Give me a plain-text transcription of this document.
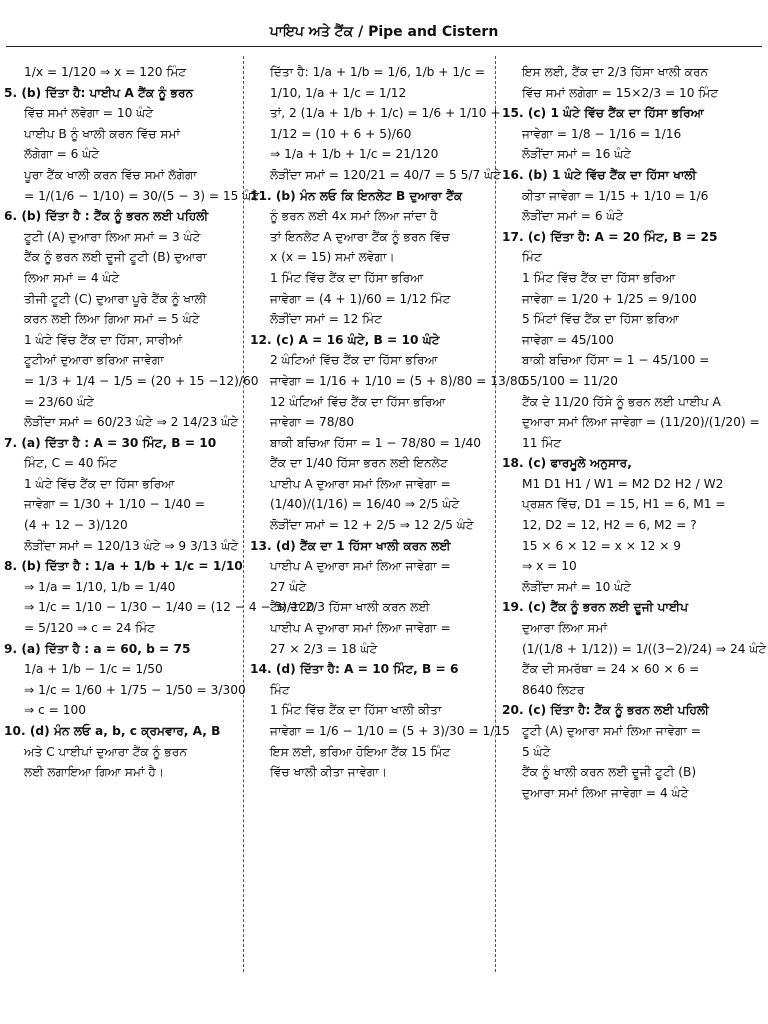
ਪਾਇਪ ਅਤੇ ਟੈਂਕ / Pipe and Cistern
1/x = 1/120 ⇒ x = 120 ਮਿੰਟ
5. (b) ਦਿੱਤਾ ਹੈ: ਪਾਈਪ A ਟੈਂਕ ਨੂੰ ਭਰਨ
ਵਿੱਚ ਸਮਾਂ ਲਵੇਗਾ = 10 ਘੰਟੇ
ਪਾਈਪ B ਨੂੰ ਖਾਲੀ ਕਰਨ ਵਿੱਚ ਸਮਾਂ
ਲੱਗੇਗਾ = 6 ਘੰਟੇ
ਪੂਰਾ ਟੈਂਕ ਖਾਲੀ ਕਰਨ ਵਿੱਚ ਸਮਾਂ ਲੱਗੇਗਾ
= 1/(1/6 − 1/10) = 30/(5 − 3) = 15 ਘੰਟੇ
6. (b) ਦਿੱਤਾ ਹੈ : ਟੈਂਕ ਨੂੰ ਭਰਨ ਲਈ ਪਹਿਲੀ
ਟੂਟੀ (A) ਦੁਆਰਾ ਲਿਆ ਸਮਾਂ = 3 ਘੰਟੇ
ਟੈਂਕ ਨੂੰ ਭਰਨ ਲਈ ਦੂਜੀ ਟੂਟੀ (B) ਦੁਆਰਾ
ਲਿਆ ਸਮਾਂ = 4 ਘੰਟੇ
ਤੀਜੀ ਟੂਟੀ (C) ਦੁਆਰਾ ਪੂਰੇ ਟੈਂਕ ਨੂੰ ਖਾਲੀ
ਕਰਨ ਲਈ ਲਿਆ ਗਿਆ ਸਮਾਂ = 5 ਘੰਟੇ
1 ਘੰਟੇ ਵਿੱਚ ਟੈਂਕ ਦਾ ਹਿੱਸਾ, ਸਾਰੀਆਂ
ਟੂਟੀਆਂ ਦੁਆਰਾ ਭਰਿਆ ਜਾਵੇਗਾ
= 1/3 + 1/4 − 1/5 = (20 + 15 −12)/60
= 23/60 ਘੰਟੇ
ਲੋੜੀਂਦਾ ਸਮਾਂ = 60/23 ਘੰਟੇ ⇒ 2 14/23 ਘੰਟੇ
7. (a) ਦਿੱਤਾ ਹੈ : A = 30 ਮਿੰਟ, B = 10
ਮਿੰਟ, C = 40 ਮਿੰਟ
1 ਘੰਟੇ ਵਿੱਚ ਟੈਂਕ ਦਾ ਹਿੱਸਾ ਭਰਿਆ
ਜਾਵੇਗਾ = 1/30 + 1/10 − 1/40 =
(4 + 12 − 3)/120
ਲੋੜੀਂਦਾ ਸਮਾਂ = 120/13 ਘੰਟੇ ⇒ 9 3/13 ਘੰਟੇ
8. (b) ਦਿੱਤਾ ਹੈ : 1/a + 1/b + 1/c = 1/10
⇒ 1/a = 1/10, 1/b = 1/40
⇒ 1/c = 1/10 − 1/30 − 1/40 = (12 − 4 − 3)/120
= 5/120 ⇒ c = 24 ਮਿੰਟ
9. (a) ਦਿੱਤਾ ਹੈ : a = 60, b = 75
1/a + 1/b − 1/c = 1/50
⇒ 1/c = 1/60 + 1/75 − 1/50 = 3/300
⇒ c = 100
10. (d) ਮੰਨ ਲਓ a, b, c ਕ੍ਰਮਵਾਰ, A, B
ਅਤੇ C ਪਾਈਪਾਂ ਦੁਆਰਾ ਟੈਂਕ ਨੂੰ ਭਰਨ
ਲਈ ਲਗਾਇਆ ਗਿਆ ਸਮਾਂ ਹੈ।
ਦਿੱਤਾ ਹੈ: 1/a + 1/b = 1/6, 1/b + 1/c =
1/10, 1/a + 1/c = 1/12
ਤਾਂ, 2 (1/a + 1/b + 1/c) = 1/6 + 1/10 +
1/12 = (10 + 6 + 5)/60
⇒ 1/a + 1/b + 1/c = 21/120
ਲੋੜੀਂਦਾ ਸਮਾਂ = 120/21 = 40/7 = 5 5/7 ਘੰਟੇ
11. (b) ਮੰਨ ਲਓ ਕਿ ਇਨਲੇਟ B ਦੁਆਰਾ ਟੈਂਕ
ਨੂੰ ਭਰਨ ਲਈ 4x ਸਮਾਂ ਲਿਆ ਜਾਂਦਾ ਹੈ
ਤਾਂ ਇਨਲੇਟ A ਦੁਆਰਾ ਟੈਂਕ ਨੂੰ ਭਰਨ ਵਿੱਚ
x (x = 15) ਸਮਾਂ ਲਵੇਗਾ।
1 ਮਿੰਟ ਵਿੱਚ ਟੈਂਕ ਦਾ ਹਿੱਸਾ ਭਰਿਆ
ਜਾਵੇਗਾ = (4 + 1)/60 = 1/12 ਮਿੰਟ
ਲੋੜੀਂਦਾ ਸਮਾਂ = 12 ਮਿੰਟ
12. (c) A = 16 ਘੰਟੇ, B = 10 ਘੰਟੇ
2 ਘੰਟਿਆਂ ਵਿੱਚ ਟੈਂਕ ਦਾ ਹਿੱਸਾ ਭਰਿਆ
ਜਾਵੇਗਾ = 1/16 + 1/10 = (5 + 8)/80 = 13/80
12 ਘੰਟਿਆਂ ਵਿੱਚ ਟੈਂਕ ਦਾ ਹਿੱਸਾ ਭਰਿਆ
ਜਾਵੇਗਾ = 78/80
ਬਾਕੀ ਬਚਿਆ ਹਿੱਸਾ = 1 − 78/80 = 1/40
ਟੈਂਕ ਦਾ 1/40 ਹਿੱਸਾ ਭਰਨ ਲਈ ਇਨਲੇਟ
ਪਾਈਪ A ਦੁਆਰਾ ਸਮਾਂ ਲਿਆ ਜਾਵੇਗਾ =
(1/40)/(1/16) = 16/40 ⇒ 2/5 ਘੰਟੇ
ਲੋੜੀਂਦਾ ਸਮਾਂ = 12 + 2/5 ⇒ 12 2/5 ਘੰਟੇ
13. (d) ਟੈਂਕ ਦਾ 1 ਹਿੱਸਾ ਖਾਲੀ ਕਰਨ ਲਈ
ਪਾਈਪ A ਦੁਆਰਾ ਸਮਾਂ ਲਿਆ ਜਾਵੇਗਾ =
27 ਘੰਟੇ
ਟੈਂਕ ਦਾ 2/3 ਹਿੱਸਾ ਖਾਲੀ ਕਰਨ ਲਈ
ਪਾਈਪ A ਦੁਆਰਾ ਸਮਾਂ ਲਿਆ ਜਾਵੇਗਾ =
27 × 2/3 = 18 ਘੰਟੇ
14. (d) ਦਿੱਤਾ ਹੈ: A = 10 ਮਿੰਟ, B = 6
ਮਿੰਟ
1 ਮਿੰਟ ਵਿੱਚ ਟੈਂਕ ਦਾ ਹਿੱਸਾ ਖਾਲੀ ਕੀਤਾ
ਜਾਵੇਗਾ = 1/6 − 1/10 = (5 + 3)/30 = 1/15
ਇਸ ਲਈ, ਭਰਿਆ ਹੋਇਆ ਟੈਂਕ 15 ਮਿੰਟ
ਵਿੱਚ ਖਾਲੀ ਕੀਤਾ ਜਾਵੇਗਾ।
ਇਸ ਲਈ, ਟੈਂਕ ਦਾ 2/3 ਹਿੱਸਾ ਖਾਲੀ ਕਰਨ
ਵਿੱਚ ਸਮਾਂ ਲਗੇਗਾ = 15×2/3 = 10 ਮਿੰਟ
15. (c) 1 ਘੰਟੇ ਵਿੱਚ ਟੈਂਕ ਦਾ ਹਿੱਸਾ ਭਰਿਆ
ਜਾਵੇਗਾ = 1/8 − 1/16 = 1/16
ਲੋੜੀਂਦਾ ਸਮਾਂ = 16 ਘੰਟੇ
16. (b) 1 ਘੰਟੇ ਵਿੱਚ ਟੈਂਕ ਦਾ ਹਿੱਸਾ ਖਾਲੀ
ਕੀਤਾ ਜਾਵੇਗਾ = 1/15 + 1/10 = 1/6
ਲੋੜੀਂਦਾ ਸਮਾਂ = 6 ਘੰਟੇ
17. (c) ਦਿੱਤਾ ਹੈ: A = 20 ਮਿੰਟ, B = 25
ਮਿੰਟ
1 ਮਿੰਟ ਵਿੱਚ ਟੈਂਕ ਦਾ ਹਿੱਸਾ ਭਰਿਆ
ਜਾਵੇਗਾ = 1/20 + 1/25 = 9/100
5 ਮਿੰਟਾਂ ਵਿੱਚ ਟੈਂਕ ਦਾ ਹਿੱਸਾ ਭਰਿਆ
ਜਾਵੇਗਾ = 45/100
ਬਾਕੀ ਬਚਿਆ ਹਿੱਸਾ = 1 − 45/100 =
55/100 = 11/20
ਟੈਂਕ ਦੇ 11/20 ਹਿੱਸੇ ਨੂੰ ਭਰਨ ਲਈ ਪਾਈਪ A
ਦੁਆਰਾ ਸਮਾਂ ਲਿਆ ਜਾਵੇਗਾ = (11/20)/(1/20) =
11 ਮਿੰਟ
18. (c) ਫਾਰਮੂਲੇ ਅਨੁਸਾਰ,
M1 D1 H1 / W1 = M2 D2 H2 / W2
ਪ੍ਰਸ਼ਨ ਵਿੱਚ, D1 = 15, H1 = 6, M1 =
12, D2 = 12, H2 = 6, M2 = ?
15 × 6 × 12 = x × 12 × 9
⇒ x = 10
ਲੋੜੀਂਦਾ ਸਮਾਂ = 10 ਘੰਟੇ
19. (c) ਟੈਂਕ ਨੂੰ ਭਰਨ ਲਈ ਦੂਜੀ ਪਾਈਪ
ਦੁਆਰਾ ਲਿਆ ਸਮਾਂ
(1/(1/8 + 1/12)) = 1/((3−2)/24) ⇒ 24 ਘੰਟੇ
ਟੈਂਕ ਦੀ ਸਮਰੱਥਾ = 24 × 60 × 6 =
8640 ਲਿਟਰ
20. (c) ਦਿੱਤਾ ਹੈ: ਟੈਂਕ ਨੂੰ ਭਰਨ ਲਈ ਪਹਿਲੀ
ਟੂਟੀ (A) ਦੁਆਰਾ ਸਮਾਂ ਲਿਆ ਜਾਵੇਗਾ =
5 ਘੰਟੇ
ਟੈਂਕ ਨੂੰ ਖਾਲੀ ਕਰਨ ਲਈ ਦੂਜੀ ਟੂਟੀ (B)
ਦੁਆਰਾ ਸਮਾਂ ਲਿਆ ਜਾਵੇਗਾ = 4 ਘੰਟੇ
